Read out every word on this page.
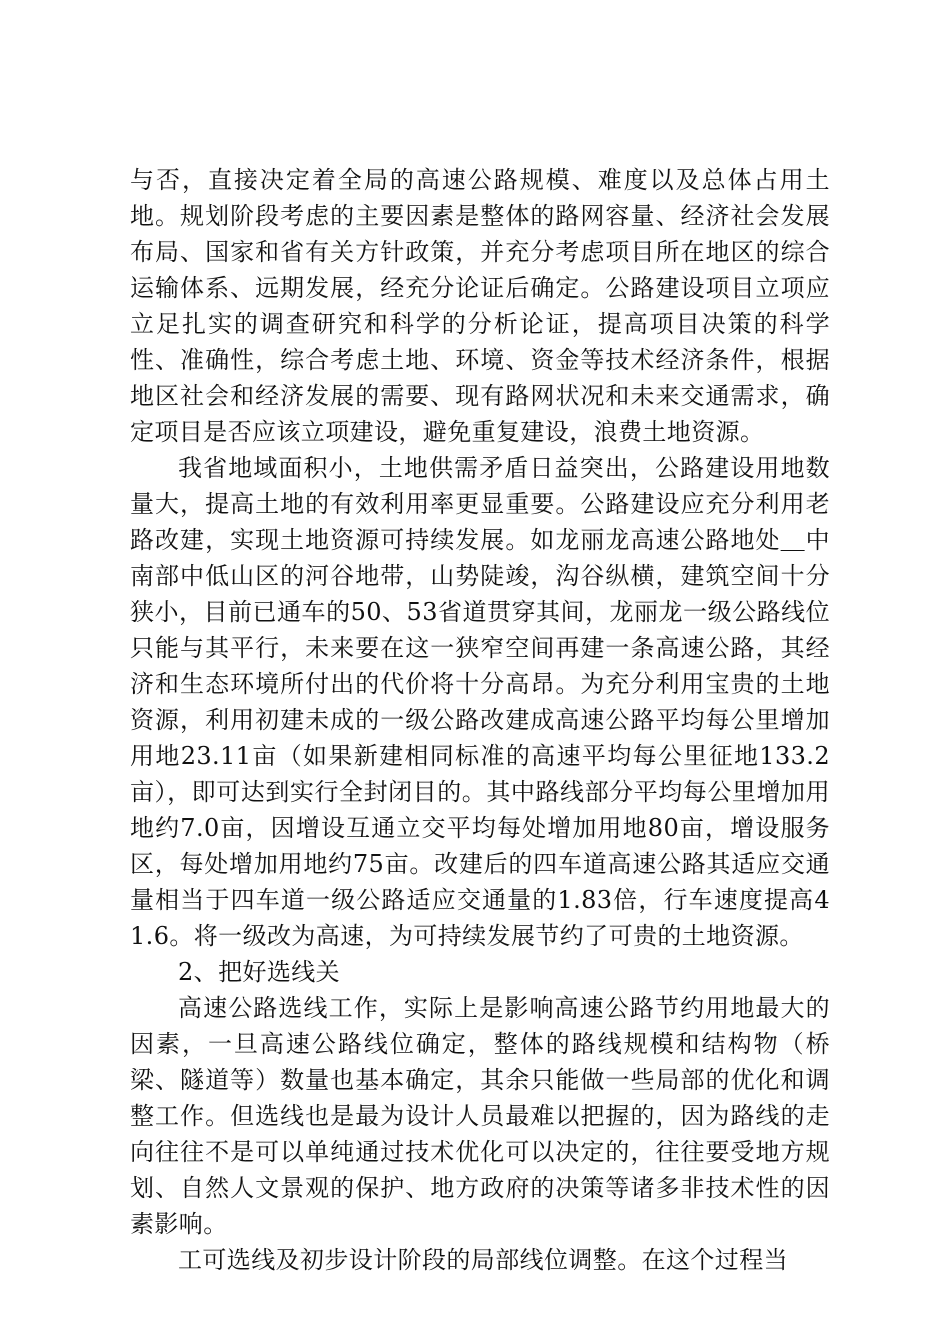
与否，直接决定着全局的高速公路规模、难度以及总体占用土地。规划阶段考虑的主要因素是整体的路网容量、经济社会发展布局、国家和省有关方针政策，并充分考虑项目所在地区的综合运输体系、远期发展，经充分论证后确定。公路建设项目立项应立足扎实的调查研究和科学的分析论证，提高项目决策的科学性、准确性，综合考虑土地、环境、资金等技术经济条件，根据地区社会和经济发展的需要、现有路网状况和未来交通需求，确定项目是否应该立项建设，避免重复建设，浪费土地资源。

我省地域面积小，土地供需矛盾日益突出，公路建设用地数量大，提高土地的有效利用率更显重要。公路建设应充分利用老路改建，实现土地资源可持续发展。如龙丽龙高速公路地处＿中南部中低山区的河谷地带，山势陡竣，沟谷纵横，建筑空间十分狭小，目前已通车的50、53省道贯穿其间，龙丽龙一级公路线位只能与其平行，未来要在这一狭窄空间再建一条高速公路，其经济和生态环境所付出的代价将十分高昂。为充分利用宝贵的土地资源，利用初建未成的一级公路改建成高速公路平均每公里增加用地23.11亩（如果新建相同标准的高速平均每公里征地133.2亩），即可达到实行全封闭目的。其中路线部分平均每公里增加用地约7.0亩，因增设互通立交平均每处增加用地80亩，增设服务区，每处增加用地约75亩。改建后的四车道高速公路其适应交通量相当于四车道一级公路适应交通量的1.83倍，行车速度提高41.6。将一级改为高速，为可持续发展节约了可贵的土地资源。

2、把好选线关

高速公路选线工作，实际上是影响高速公路节约用地最大的因素，一旦高速公路线位确定，整体的路线规模和结构物（桥梁、隧道等）数量也基本确定，其余只能做一些局部的优化和调整工作。但选线也是最为设计人员最难以把握的，因为路线的走向往往不是可以单纯通过技术优化可以决定的，往往要受地方规划、自然人文景观的保护、地方政府的决策等诸多非技术性的因素影响。

工可选线及初步设计阶段的局部线位调整。在这个过程当
